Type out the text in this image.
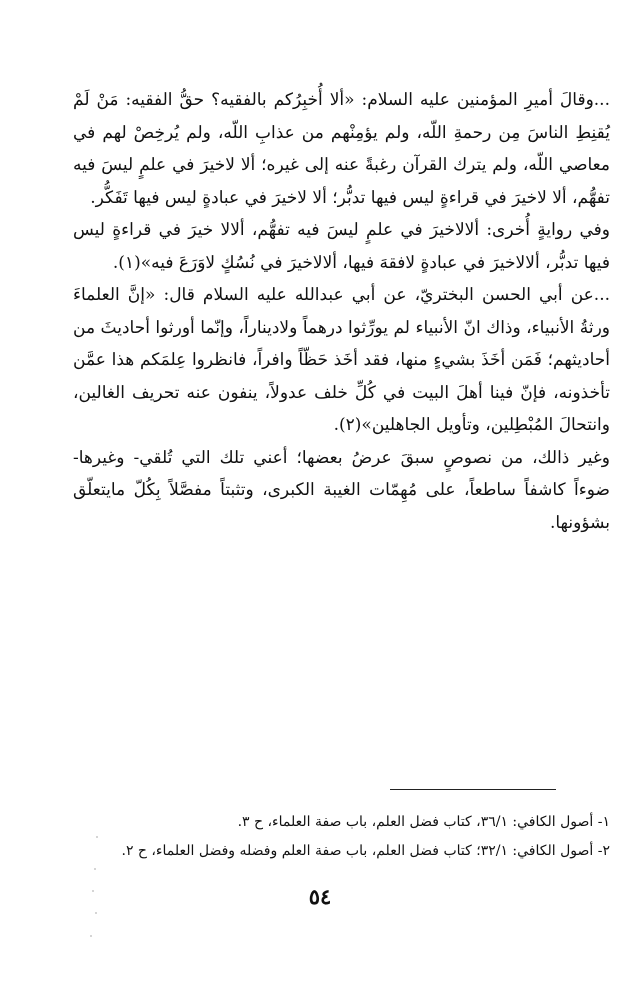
...وقالَ أميرِ المؤمنين عليه السلام: «ألا أُخبِرُكم بالفقيه؟ حقُّ الفقيه: مَنْ لَمْ يُقنِطِ الناسَ مِن رحمةِ اللّه، ولم يؤمِنْهم من عذابِ اللّه، ولم يُرخِصْ لهم في معاصي اللّه، ولم يترك القرآن رغبةً عنه إلى غيره؛ ألا لاخيرَ في علمٍ ليسَ فيه تفهُّم، ألا لاخيرَ في قراءةٍ ليس فيها تدبُّر؛ ألا لاخيرَ في عبادةٍ ليس فيها تَفَكُّر.

وفي روايةٍ أُخرى: ألالاخيرَ في علمٍ ليسَ فيه تفهُّم، ألالا خيرَ في قراءةٍ ليس فيها تدبُّر، ألالاخيرَ في عبادةٍ لافقهَ فيها، ألالاخيرَ في نُسُكٍ لاوَرَعَ فيه»(١).

...عن أبي الحسن البختريّ، عن أبي عبدالله عليه السلام قال: «إنَّ العلماءَ ورثةُ الأنبياء، وذاك انّ الأنبياء لم يورِّثوا درهماً ولاديناراً، وإنّما أورثوا أحاديثَ من أحاديثهم؛ فَمَن أخَذَ بشيءٍ منها، فقد أخَذ حَظّاً وافراً، فانظروا عِلمَكم هذا عمَّن تأخذونه، فإنّ فينا أهلَ البيت في كُلِّ خلف عدولاً، ينفون عنه تحريف الغالين، وانتحالَ المُبْطِلين، وتأويل الجاهلين»(٢).

وغير ذالك، من نصوصٍ سبقَ عرضُ بعضها؛ أعني تلك التي تُلقي- وغيرها- ضوءاً كاشفاً ساطعاً، على مُهِمّات الغيبة الكبرى، وتثبتاً مفصَّلاً بِكُلّ مايتعلّق بشؤونها.

١- أصول الكافي: ٣٦/١، كتاب فضل العلم، باب صفة العلماء، ح ٣.

٢- أصول الكافي: ٣٢/١؛ كتاب فضل العلم، باب صفة العلم وفضله وفضل العلماء، ح ٢.

٥٤
